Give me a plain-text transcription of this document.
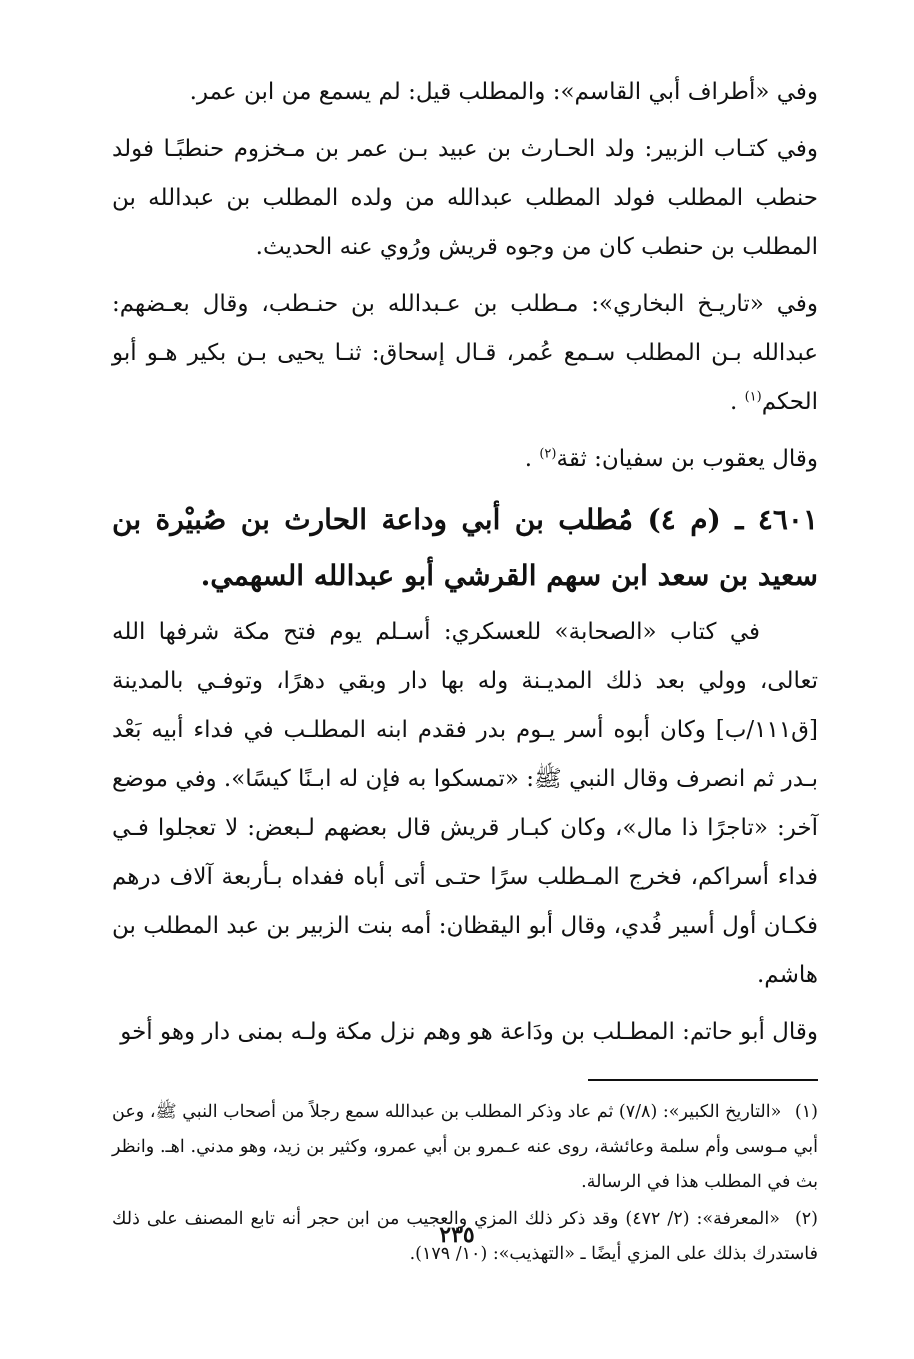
وفي «أطراف أبي القاسم»: والمطلب قيل: لم يسمع من ابن عمر.

وفي كتـاب الزبير: ولد الحـارث بن عبيد بـن عمر بن مـخزوم حنطبًـا فولد حنطب المطلب فولد المطلب عبدالله من ولده المطلب بن عبدالله بن المطلب بن حنطب كان من وجوه قريش ورُوي عنه الحديث.

وفي «تاريـخ البخاري»: مـطلب بن عـبدالله بن حنـطب، وقال بعـضهم: عبدالله بـن المطلب سـمع عُمر، قـال إسحاق: ثنـا يحيى بـن بكير هـو أبو الحكم$^{(١)}$ .

وقال يعقوب بن سفيان: ثقة$^{(٢)}$ .

٤٦٠١ ـ (م ٤) مُطلب بن أبي وداعة الحارث بن صُبيْرة بن سعيد بن سعد ابن سهم القرشي أبو عبدالله السهمي.

في كتاب «الصحابة» للعسكري: أسـلم يوم فتح مكة شرفها الله تعالى، وولي بعد ذلك المديـنة وله بها دار وبقي دهرًا، وتوفـي بالمدينة [ق١١١/ب] وكان أبوه أسر يـوم بدر فقدم ابنه المطلـب في فداء أبيه بَعْد بـدر ثم انصرف وقال النبي ﷺ: «تمسكوا به فإن له ابـنًا كيسًا». وفي موضع آخر: «تاجرًا ذا مال»، وكان كبـار قريش قال بعضهم لـبعض: لا تعجلوا فـي فداء أسراكم، فخرج المـطلب سرًا حتـى أتى أباه ففداه بـأربعة آلاف درهم فكـان أول أسير فُدي، وقال أبو اليقظان: أمه بنت الزبير بن عبد المطلب بن هاشم.

وقال أبو حاتم: المطـلب بن ودَاعة هو وهم نزل مكة ولـه بمنى دار وهو أخو

(١) «التاريخ الكبير»: (٧/٨) ثم عاد وذكر المطلب بن عبدالله سمع رجلاً من أصحاب النبي ﷺ، وعن أبي مـوسى وأم سلمة وعائشة، روى عنه عـمرو بن أبي عمرو، وكثير بن زيد، وهو مدني. اهـ. وانظر بث في المطلب هذا في الرسالة.
(٢) «المعرفة»: (٢/ ٤٧٢) وقد ذكر ذلك المزي والعجيب من ابن حجر أنه تابع المصنف على ذلك فاستدرك بذلك على المزي أيضًا ـ «التهذيب»: (١٠/ ١٧٩).
٢٣٥
